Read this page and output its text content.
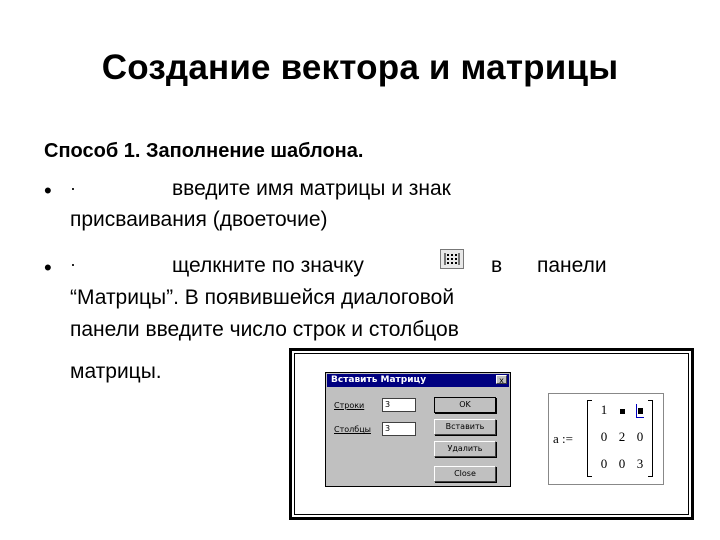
Создание вектора и матрицы
Способ 1. Заполнение шаблона.
• ·	введите имя матрицы и знак
присваивания (двоеточие)
• ·	щелкните по значку	в панели
“Матрицы”. В появившейся диалоговой
панели введите число строк и столбцов
матрицы.	Вставить Матрицу	x
Строки	3
Столбцы	3
OK
Вставить
Удалить
Close
a :=
1
0 2 0
0 0 3
